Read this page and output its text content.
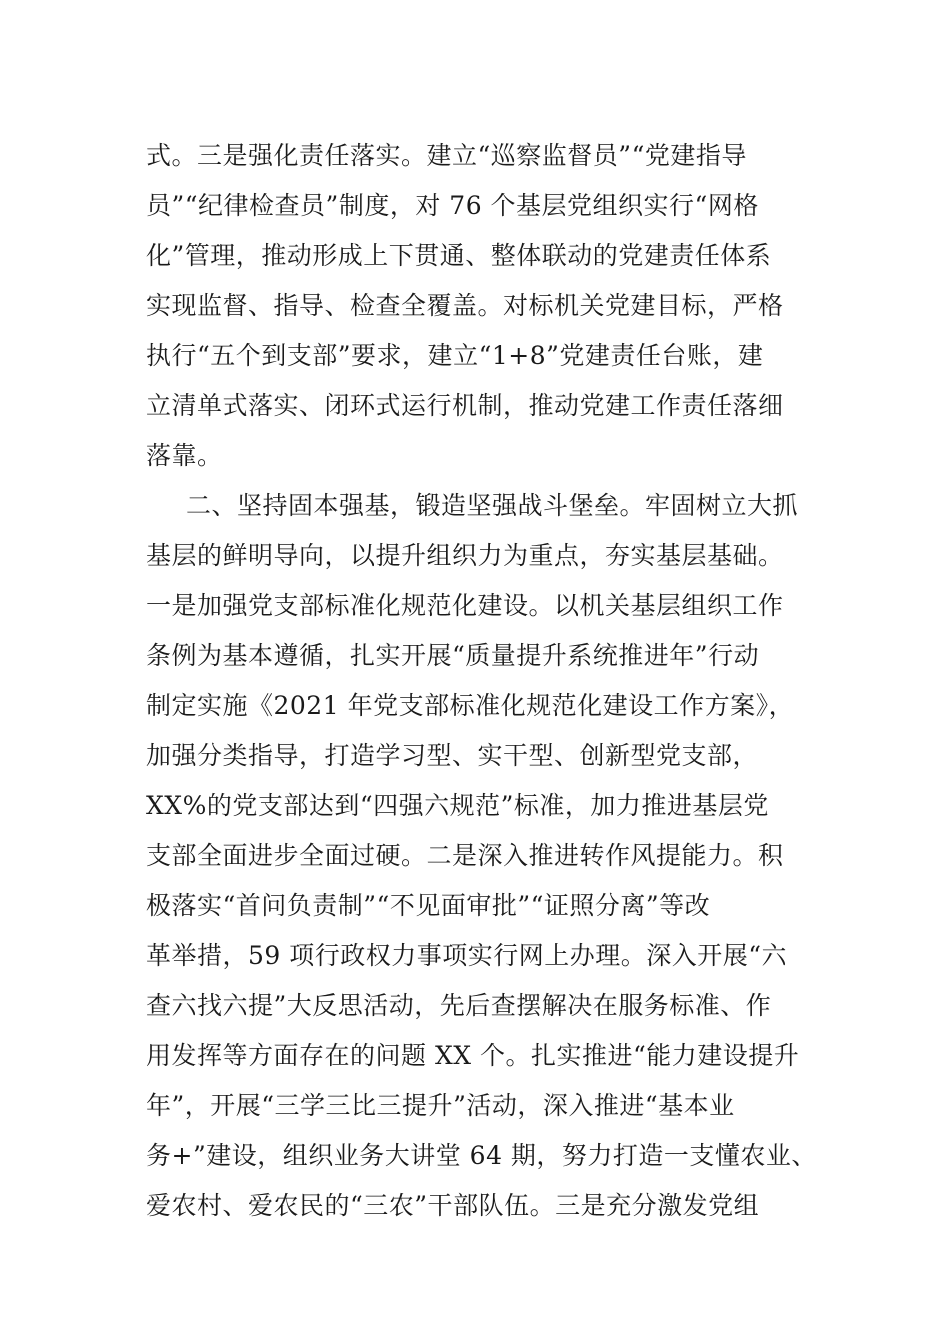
式。三是强化责任落实。建立“巡察监督员”“党建指导
员”“纪律检查员”制度，对 76 个基层党组织实行“网格
化”管理，推动形成上下贯通、整体联动的党建责任体系
实现监督、指导、检查全覆盖。对标机关党建目标，严格
执行“五个到支部”要求，建立“1+8”党建责任台账，建
立清单式落实、闭环式运行机制，推动党建工作责任落细
落靠。
二、坚持固本强基，锻造坚强战斗堡垒。牢固树立大抓
基层的鲜明导向，以提升组织力为重点，夯实基层基础。
一是加强党支部标准化规范化建设。以机关基层组织工作
条例为基本遵循，扎实开展“质量提升系统推进年”行动
制定实施《2021 年党支部标准化规范化建设工作方案》，
加强分类指导，打造学习型、实干型、创新型党支部，
XX%的党支部达到“四强六规范”标准，加力推进基层党
支部全面进步全面过硬。二是深入推进转作风提能力。积
极落实“首问负责制”“不见面审批”“证照分离”等改
革举措，59 项行政权力事项实行网上办理。深入开展“六
查六找六提”大反思活动，先后查摆解决在服务标准、作
用发挥等方面存在的问题 XX 个。扎实推进“能力建设提升
年”，开展“三学三比三提升”活动，深入推进“基本业
务+”建设，组织业务大讲堂 64 期，努力打造一支懂农业、
爱农村、爱农民的“三农”干部队伍。三是充分激发党组
